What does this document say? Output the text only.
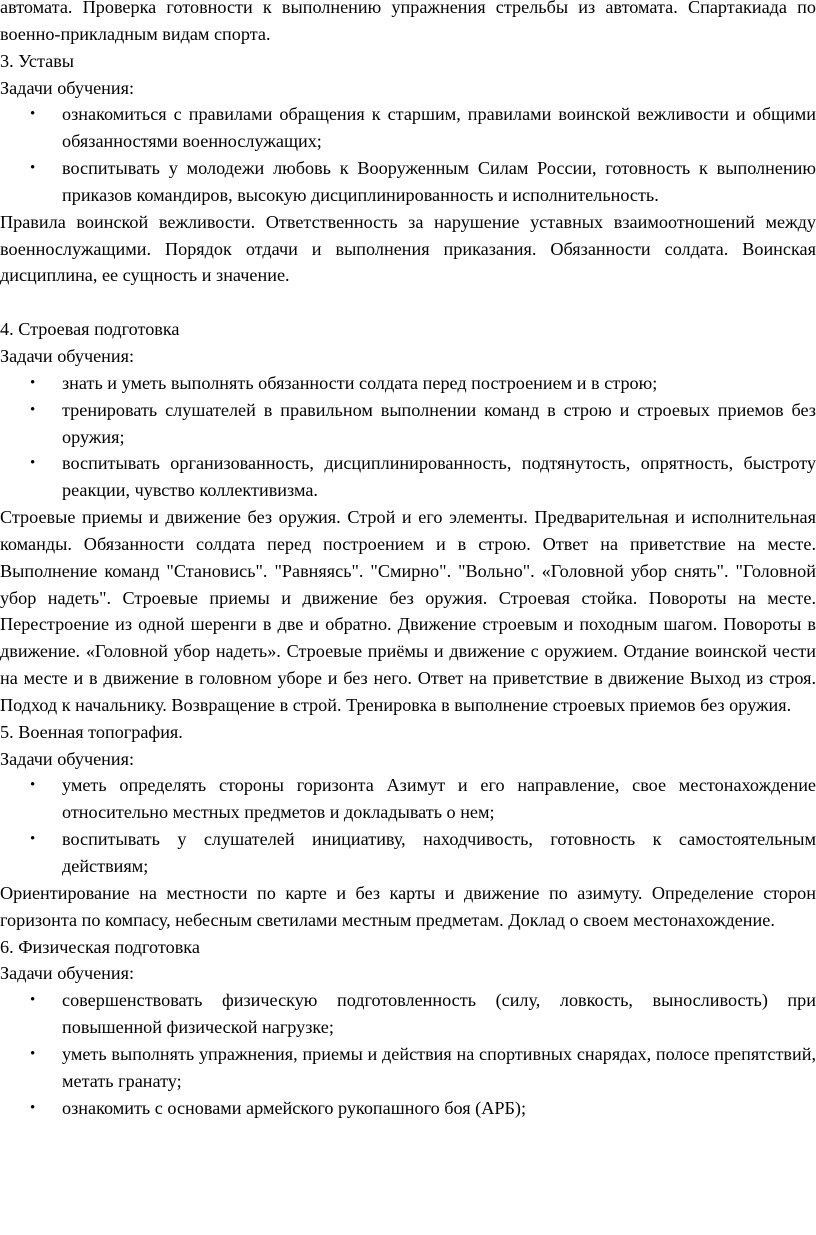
автомата. Проверка готовности к выполнению упражнения стрельбы из автомата. Спартакиада по военно-прикладным видам спорта.

3. Уставы

Задачи обучения:

•	ознакомиться с правилами обращения к старшим, правилами воинской вежливости и общими обязанностями военнослужащих;
•	воспитывать у молодежи любовь к Вооруженным Силам России, готовность к выполнению приказов командиров, высокую дисциплинированность и исполнительность.

Правила воинской вежливости. Ответственность за нарушение уставных взаимоотношений между военнослужащими. Порядок отдачи и выполнения приказания. Обязанности солдата. Воинская дисциплина, ее сущность и значение.

4. Строевая подготовка

Задачи обучения:

•	знать и уметь выполнять обязанности солдата перед построением и в строю;
•	тренировать слушателей в правильном выполнении команд в строю и строевых приемов без оружия;
•	воспитывать организованность, дисциплинированность, подтянутость, опрятность, быстроту реакции, чувство коллективизма.

Строевые приемы и движение без оружия. Строй и его элементы. Предварительная и исполнительная команды. Обязанности солдата перед построением и в строю. Ответ на приветствие на месте. Выполнение команд "Становись". "Равняясь". "Смирно". "Вольно". «Головной убор снять". "Головной убор надеть". Строевые приемы и движение без оружия. Строевая стойка. Повороты на месте. Перестроение из одной шеренги в две и обратно. Движение строевым и походным шагом. Повороты в движение. «Головной убор надеть». Строевые приёмы и движение с оружием. Отдание воинской чести на месте и в движение в головном уборе и без него. Ответ на приветствие в движение Выход из строя. Подход к начальнику. Возвращение в строй. Тренировка в выполнение строевых приемов без оружия.

5. Военная топография.

Задачи обучения:

•	уметь определять стороны горизонта Азимут и его направление, свое местонахождение относительно местных предметов и докладывать о нем;
•	воспитывать у слушателей инициативу, находчивость, готовность к самостоятельным действиям;

Ориентирование на местности по карте и без карты и движение по азимуту. Определение сторон горизонта по компасу, небесным светилами местным предметам. Доклад о своем местонахождение.

6. Физическая подготовка

Задачи обучения:

•	совершенствовать физическую подготовленность (силу, ловкость, выносливость) при повышенной физической нагрузке;
•	уметь выполнять упражнения, приемы и действия на спортивных снарядах, полосе препятствий, метать гранату;
•	ознакомить с основами армейского рукопашного боя (АРБ);
